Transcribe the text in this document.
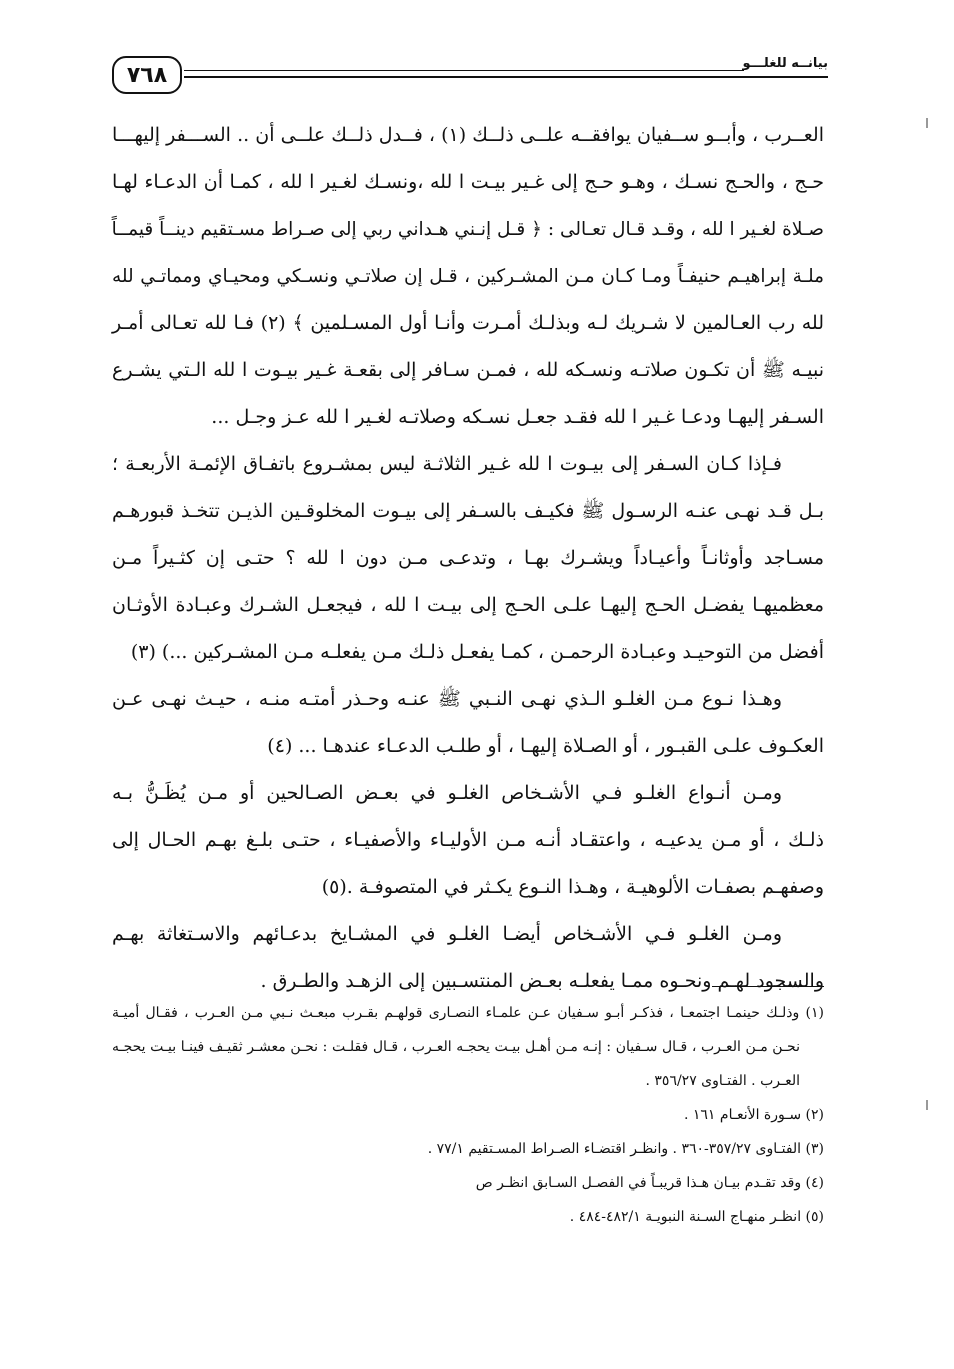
٧٦٨	بيانــه للغلـــو
العــرب ، وأبــو ســفيان يوافقــه علــى ذلــك (١) ، فــدل ذلــك علــى أن .. الســـفر إليهـــا
حـج ، والحـج نسـك ، وهـو حـج إلى غـير بيـت ا لله ،ونسـك لغـير ا لله ، كمـا أن الدعـاء لهـا
صـلاة لغـير ا لله ، وقـد قـال تعـالى : ﴿ قـل إنـني هـداني ربي إلى صـراط مسـتقيم دينــاً قيمــاً
ملـة إبراهيـم حنيفـاً ومـا كـان مـن المشـركين ، قـل إن صلاتـي ونسـكي ومحيـاي ومماتـي لله
لله رب العـالمين لا شـريك لـه وبذلـك أمـرت وأنـا أول المسـلمين ﴾ (٢) فـا لله تعـالى أمـر
نبيـه ﷺ أن تكـون صلاتـه ونسـكه لله ، فمـن سـافر إلى بقعـة غـير بيـوت ا لله الـتي يشـرع
السـفر إليهـا ودعـا غـير ا لله فقـد جعـل نسـكه وصلاتـه لغـير ا لله عـز وجـل ...
فـإذا كـان السـفر إلى بيـوت ا لله غـير الثلاثـة ليس بمشـروع باتفـاق الإئمـة الأربعـة ؛
بـل قـد نهـى عنـه الرسـول ﷺ فكيـف بالسـفر إلى بيـوت المخلوقـين الذيـن تتخـذ قبورهـم
مسـاجد وأوثانـاً وأعيـاداً ويشـرك بهـا ، وتدعـى مـن دون ا لله ؟ حتـى إن كثـيراً مـن
معظميهـا يفضـل الحـج إليهـا علـى الحـج إلى بيـت ا لله ، فيجعـل الشـرك وعبـادة الأوثـان
أفضل من التوحيـد وعبـادة الرحمـن ، كمـا يفعـل ذلـك مـن يفعلـه مـن المشـركين ...) (٣)
وهـذا نـوع مـن الغلـو الـذي نهـى النـبي ﷺ عنـه وحـذر أمتـه منـه ، حيـث نهـى عـن
العكـوف علـى القبـور ، أو الصـلاة إليهـا ، أو طلـب الدعـاء عندهـا ... (٤)
ومـن أنـواع الغلـو فـي الأشـخاص الغلـو في بعـض الصـالحين أو مـن يُظَـنُّ بـه
ذلـك ، أو مـن يدعيـه ، واعتقـاد أنـه مـن الأوليـاء والأصفيـاء ، حتـى بلـغ بهـم الحـال إلى
وصفهـم بصفـات الألوهيـة ، وهـذا النـوع يكـثر في المتصوفـة .(٥)
ومـن الغلـو فـي الأشـخاص أيضـا الغلـو في المشـايخ بدعـائهم والاسـتغاثة بهـم
والسجود لهـم ونحـوه ممـا يفعلـه بعـض المنتسـبين إلى الزهـد والطـرق .
(١) وذلـك حينمـا اجتمعـا ، فذكـر أبـو سـفيان عـن علمـاء النصـارى قولهـم بقـرب مبعـث نـبي مـن العـرب ، فقـال أميـة
نحـن مـن العـرب ، قـال سـفيان : إنـه مـن أهـل بيـت يحجـه العـرب ، قـال فقلـت : نحـن معشـر ثقيـف فينـا بيـت يحجـه
العـرب . الفتـاوى ٣٥٦/٢٧ .
(٢) سـورة الأنعـام ١٦١ .
(٣) الفتـاوى ٣٥٧/٢٧-٣٦٠ . وانظـر اقتضـاء الصـراط المسـتقيم ٧٧/١ .
(٤) وقد تقـدم بيـان هـذا قريبـاً في الفصـل السـابق انظـر ص
(٥) انظـر منهـاج السـنة النبويـة ٤٨٢/١-٤٨٤ .
